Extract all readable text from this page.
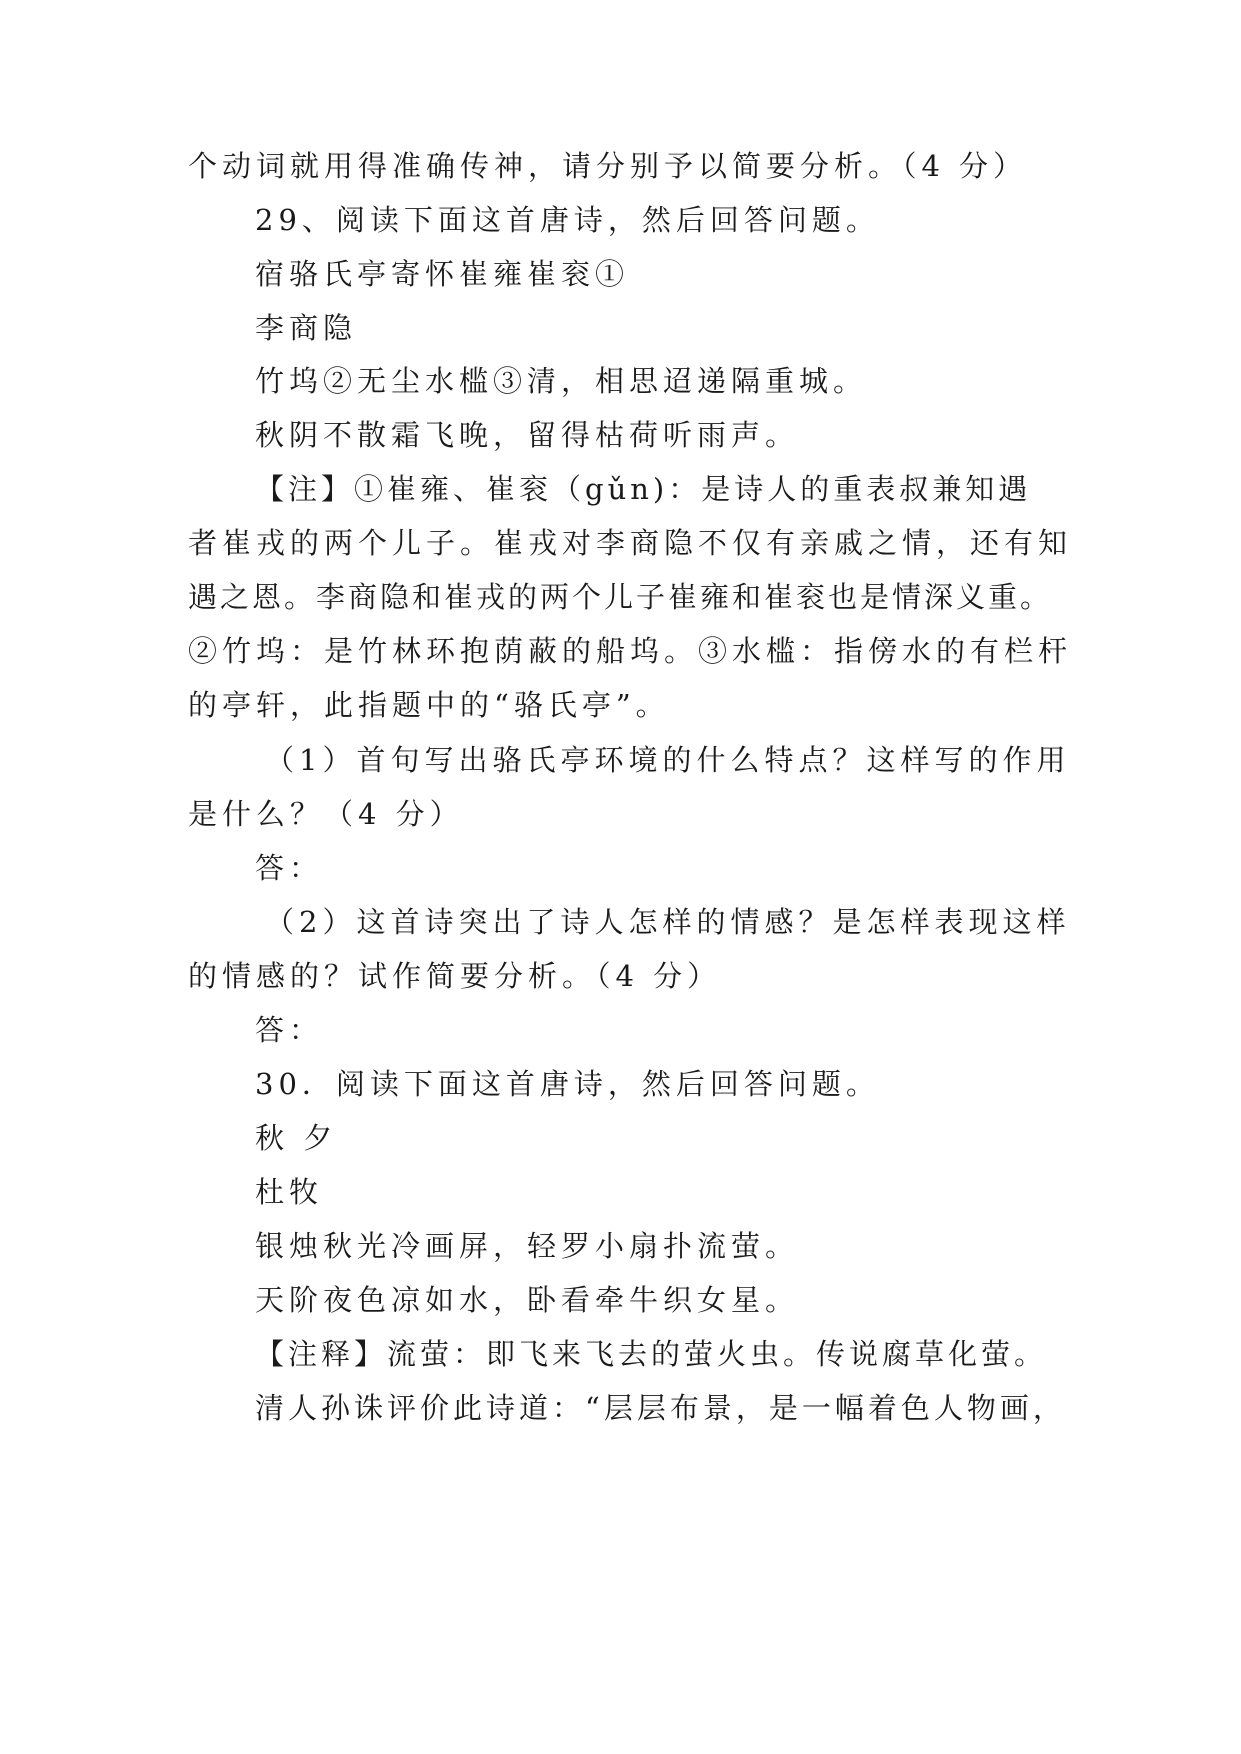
个动词就用得准确传神，请分别予以简要分析。（4 分）
29、阅读下面这首唐诗，然后回答问题。
宿骆氏亭寄怀崔雍崔衮①
李商隐
竹坞②无尘水槛③清，相思迢递隔重城。
秋阴不散霜飞晚，留得枯荷听雨声。
【注】①崔雍、崔衮（gǔn)：是诗人的重表叔兼知遇
者崔戎的两个儿子。崔戎对李商隐不仅有亲戚之情，还有知
遇之恩。李商隐和崔戎的两个儿子崔雍和崔衮也是情深义重。
②竹坞：是竹林环抱荫蔽的船坞。③水槛：指傍水的有栏杆
的亭轩，此指题中的“骆氏亭”。
（1）首句写出骆氏亭环境的什么特点？这样写的作用
是什么？（4 分）
答：
（2）这首诗突出了诗人怎样的情感？是怎样表现这样
的情感的？试作简要分析。（4 分）
答：
30．阅读下面这首唐诗，然后回答问题。
秋 夕
杜牧
银烛秋光冷画屏，轻罗小扇扑流萤。
天阶夜色凉如水，卧看牵牛织女星。
【注释】流萤：即飞来飞去的萤火虫。传说腐草化萤。
清人孙诛评价此诗道：“层层布景，是一幅着色人物画，
